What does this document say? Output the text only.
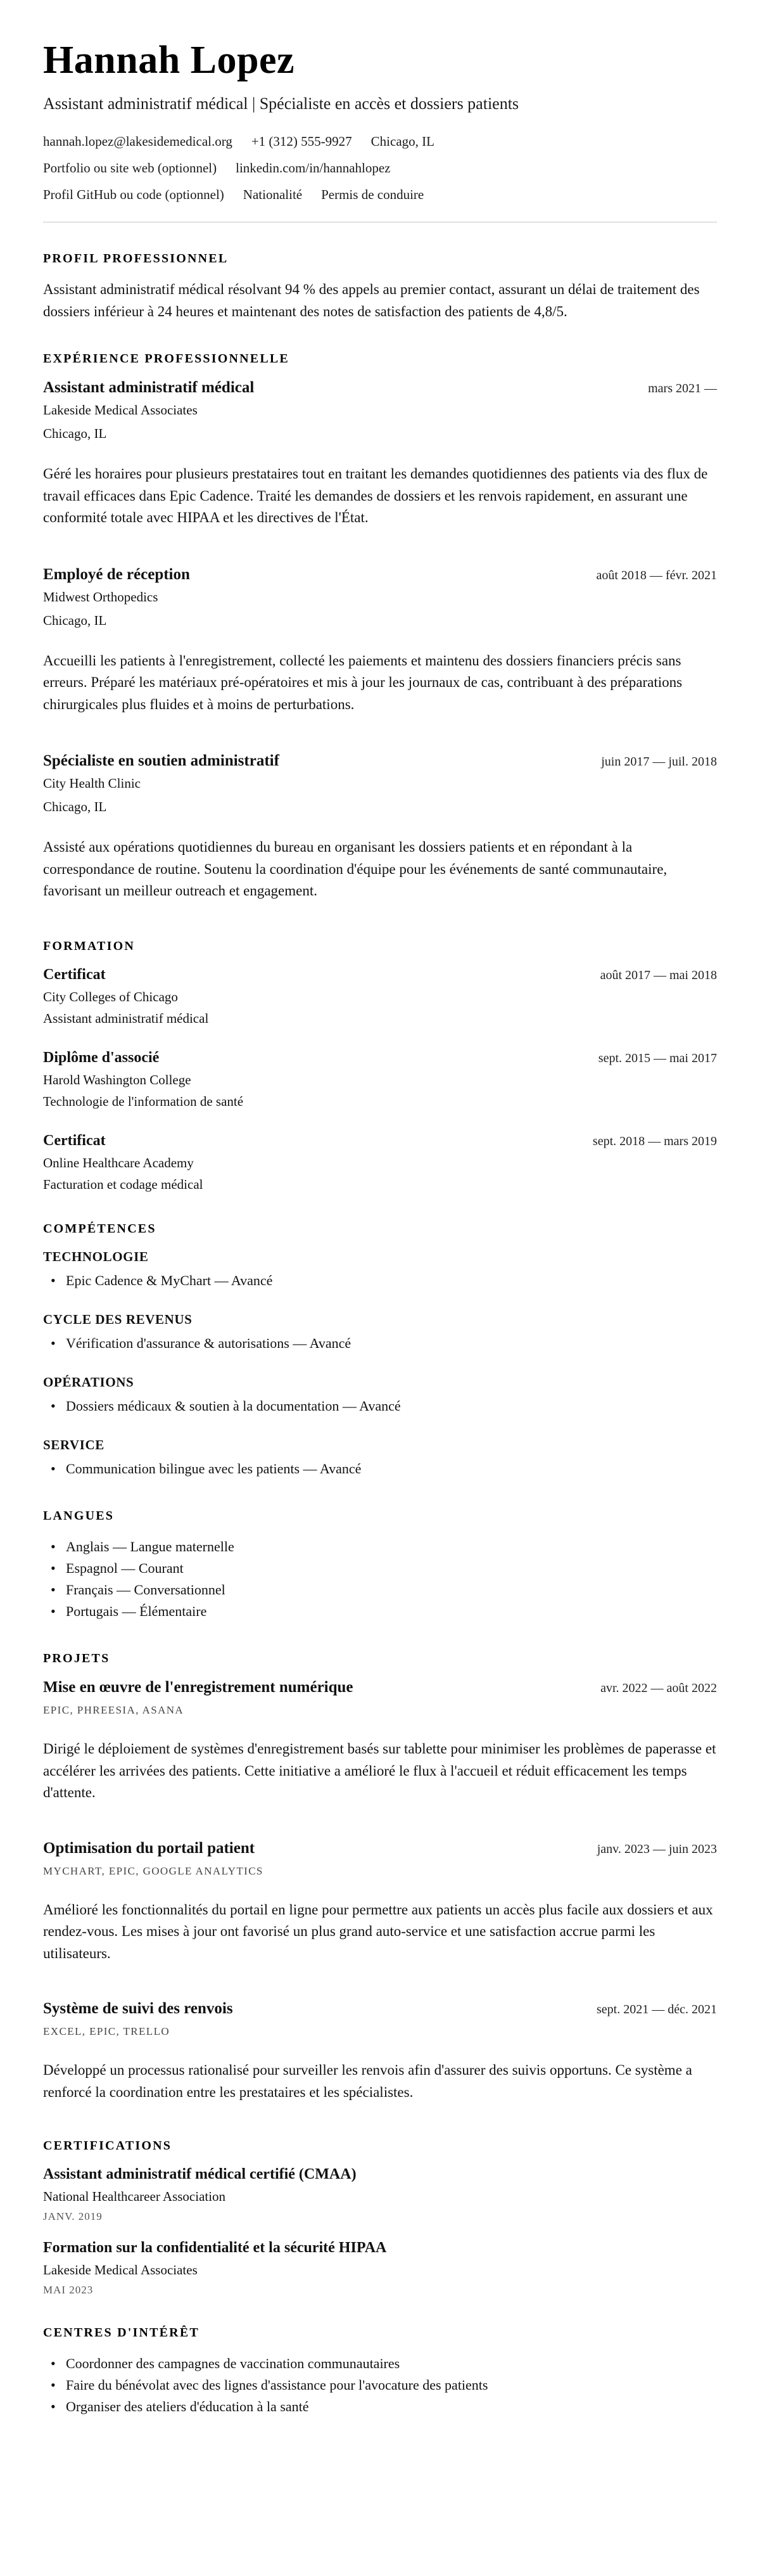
Hannah Lopez

Assistant administratif médical | Spécialiste en accès et dossiers patients

hannah.lopez@lakesidemedical.org +1 (312) 555-9927 Chicago, IL
Portfolio ou site web (optionnel) linkedin.com/in/hannahlopez
Profil GitHub ou code (optionnel) Nationalité Permis de conduire
PROFIL PROFESSIONNEL

Assistant administratif médical résolvant 94 % des appels au premier contact, assurant un délai de traitement des dossiers inférieur à 24 heures et maintenant des notes de satisfaction des patients de 4,8/5.

EXPÉRIENCE PROFESSIONNELLE
Assistant administratif médical	mars 2021 —
Lakeside Medical Associates
Chicago, IL

Géré les horaires pour plusieurs prestataires tout en traitant les demandes quotidiennes des patients via des flux de travail efficaces dans Epic Cadence. Traité les demandes de dossiers et les renvois rapidement, en assurant une conformité totale avec HIPAA et les directives de l'État.

Employé de réception	août 2018 — févr. 2021
Midwest Orthopedics
Chicago, IL

Accueilli les patients à l'enregistrement, collecté les paiements et maintenu des dossiers financiers précis sans erreurs. Préparé les matériaux pré-opératoires et mis à jour les journaux de cas, contribuant à des préparations chirurgicales plus fluides et à moins de perturbations.

Spécialiste en soutien administratif	juin 2017 — juil. 2018
City Health Clinic
Chicago, IL

Assisté aux opérations quotidiennes du bureau en organisant les dossiers patients et en répondant à la correspondance de routine. Soutenu la coordination d'équipe pour les événements de santé communautaire, favorisant un meilleur outreach et engagement.

FORMATION
Certificat	août 2017 — mai 2018
City Colleges of Chicago
Assistant administratif médical
Diplôme d'associé	sept. 2015 — mai 2017
Harold Washington College
Technologie de l'information de santé
Certificat	sept. 2018 — mars 2019
Online Healthcare Academy
Facturation et codage médical
COMPÉTENCES
TECHNOLOGIE
• Epic Cadence & MyChart — Avancé
CYCLE DES REVENUS
• Vérification d'assurance & autorisations — Avancé
OPÉRATIONS
• Dossiers médicaux & soutien à la documentation — Avancé
SERVICE
• Communication bilingue avec les patients — Avancé
LANGUES
• Anglais — Langue maternelle
• Espagnol — Courant
• Français — Conversationnel
• Portugais — Élémentaire
PROJETS
Mise en œuvre de l'enregistrement numérique	avr. 2022 — août 2022
EPIC, PHREESIA, ASANA

Dirigé le déploiement de systèmes d'enregistrement basés sur tablette pour minimiser les problèmes de paperasse et accélérer les arrivées des patients. Cette initiative a amélioré le flux à l'accueil et réduit efficacement les temps d'attente.

Optimisation du portail patient	janv. 2023 — juin 2023
MYCHART, EPIC, GOOGLE ANALYTICS

Amélioré les fonctionnalités du portail en ligne pour permettre aux patients un accès plus facile aux dossiers et aux rendez-vous. Les mises à jour ont favorisé un plus grand auto-service et une satisfaction accrue parmi les utilisateurs.

Système de suivi des renvois	sept. 2021 — déc. 2021
EXCEL, EPIC, TRELLO

Développé un processus rationalisé pour surveiller les renvois afin d'assurer des suivis opportuns. Ce système a renforcé la coordination entre les prestataires et les spécialistes.

CERTIFICATIONS
Assistant administratif médical certifié (CMAA)
National Healthcareer Association
JANV. 2019
Formation sur la confidentialité et la sécurité HIPAA
Lakeside Medical Associates
MAI 2023
CENTRES D'INTÉRÊT
• Coordonner des campagnes de vaccination communautaires
• Faire du bénévolat avec des lignes d'assistance pour l'avocature des patients
• Organiser des ateliers d'éducation à la santé
